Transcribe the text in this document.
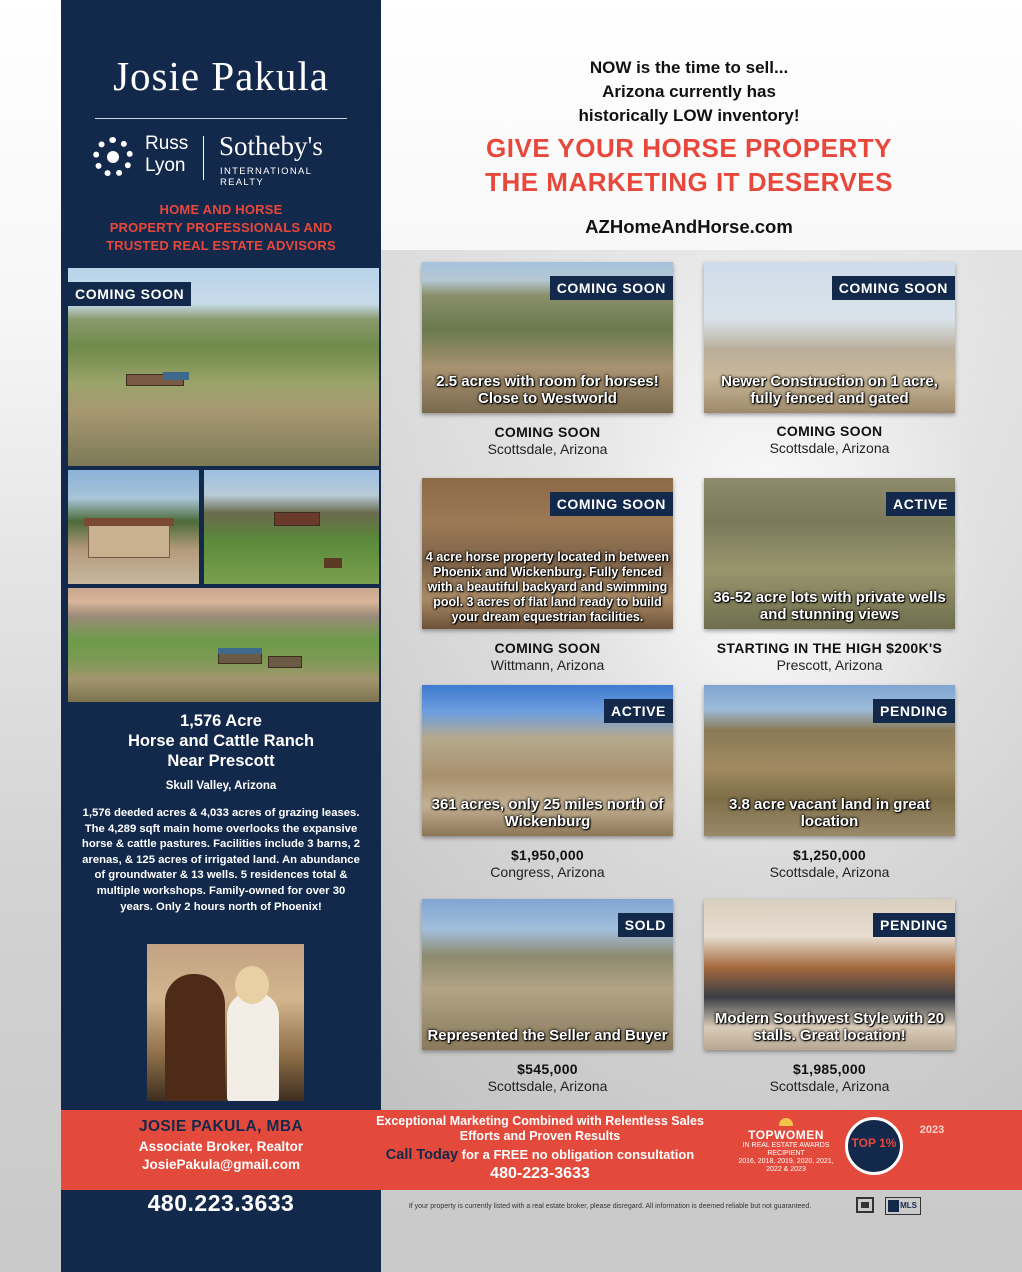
Josie Pakula
Russ
Lyon
Sotheby's
INTERNATIONAL REALTY
HOME AND HORSE
PROPERTY PROFESSIONALS AND
TRUSTED REAL ESTATE ADVISORS
1,576 Acre
Horse and Cattle Ranch
Near Prescott
Skull Valley, Arizona
1,576 deeded acres & 4,033 acres of grazing leases. The 4,289 sqft main home overlooks the expansive horse & cattle pastures. Facilities include 3 barns, 2 arenas, & 125 acres of irrigated land. An abundance of groundwater & 13 wells. 5 residences total & multiple workshops. Family-owned for over 30 years. Only 2 hours north of Phoenix!
480.223.3633
COMING SOON
NOW is the time to sell...
Arizona currently has
historically LOW inventory!
GIVE YOUR HORSE PROPERTY
THE MARKETING IT DESERVES
AZHomeAndHorse.com
COMING SOON
2.5 acres with room for horses! Close to Westworld
COMING SOON
Scottsdale, Arizona
COMING SOON
Newer Construction on 1 acre, fully fenced and gated
COMING SOON
Scottsdale, Arizona
COMING SOON
4 acre horse property located in between Phoenix and Wickenburg. Fully fenced with a beautiful backyard and swimming pool. 3 acres of flat land ready to build your dream equestrian facilities.
COMING SOON
Wittmann, Arizona
ACTIVE
36-52 acre lots with private wells and stunning views
STARTING IN THE HIGH $200K'S
Prescott, Arizona
ACTIVE
361 acres, only 25 miles north of Wickenburg
$1,950,000
Congress, Arizona
PENDING
3.8 acre vacant land in great location
$1,250,000
Scottsdale, Arizona
SOLD
Represented the Seller and Buyer
$545,000
Scottsdale, Arizona
PENDING
Modern Southwest Style with 20 stalls. Great location!
$1,985,000
Scottsdale, Arizona
JOSIE PAKULA, MBA
Associate Broker, Realtor
JosiePakula@gmail.com
Exceptional Marketing Combined with Relentless Sales
Efforts and Proven Results
Call Today for a FREE no obligation consultation
480-223-3633
TOPWOMEN
IN REAL ESTATE AWARDS
RECIPIENT
2016, 2018, 2019, 2020, 2021, 2022 & 2023
TOP 1%
2023
If your property is currently listed with a real estate broker, please disregard. All information is deemed reliable but not guaranteed.	MLS
